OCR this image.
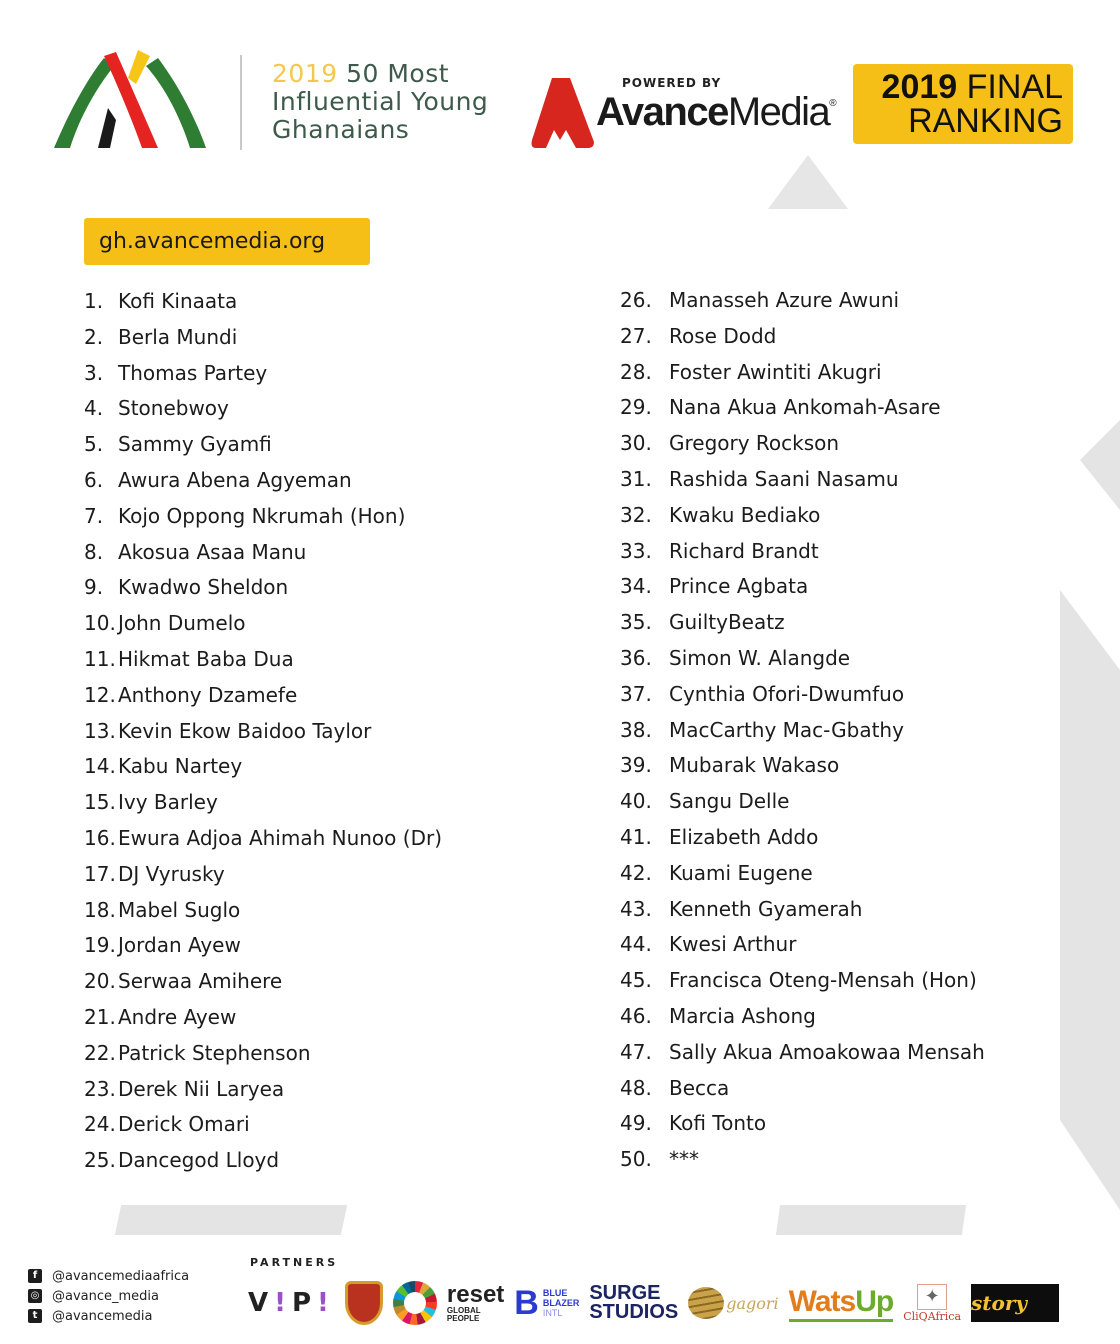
2019 50 Most
Influential Young
Ghanaians
POWERED BY
AvanceMedia®	2019 FINAL
RANKING
gh.avancemedia.org
1. Kofi Kinaata
2. Berla Mundi
3. Thomas Partey
4. Stonebwoy
5. Sammy Gyamfi
6. Awura Abena Agyeman
7. Kojo Oppong Nkrumah (Hon)
8. Akosua Asaa Manu
9. Kwadwo Sheldon
10. John Dumelo
11. Hikmat Baba Dua
12. Anthony Dzamefe
13. Kevin Ekow Baidoo Taylor
14. Kabu Nartey
15. Ivy Barley
16. Ewura Adjoa Ahimah Nunoo (Dr)
17. DJ Vyrusky
18. Mabel Suglo
19. Jordan Ayew
20. Serwaa Amihere
21. Andre Ayew
22. Patrick Stephenson
23. Derek Nii Laryea
24. Derick Omari
25. Dancegod Lloyd
26. Manasseh Azure Awuni
27. Rose Dodd
28. Foster Awintiti Akugri
29. Nana Akua Ankomah-Asare
30. Gregory Rockson
31. Rashida Saani Nasamu
32. Kwaku Bediako
33. Richard Brandt
34. Prince Agbata
35. GuiltyBeatz
36. Simon W. Alangde
37. Cynthia Ofori-Dwumfuo
38. MacCarthy Mac-Gbathy
39. Mubarak Wakaso
40. Sangu Delle
41. Elizabeth Addo
42. Kuami Eugene
43. Kenneth Gyamerah
44. Kwesi Arthur
45. Francisca Oteng-Mensah (Hon)
46. Marcia Ashong
47. Sally Akua Amoakowaa Mensah
48. Becca
49. Kofi Tonto
50. ***
f	@avancemediaafrica
◎ @avance_media
t	@avancemedia
PARTNERS
V ! P !	reset
GLOBAL
PEOPLE	B BLUE
BLAZER
INTL
SURGE
STUDIOS	gagori Wats Up	✦
CliQAfrica
story
